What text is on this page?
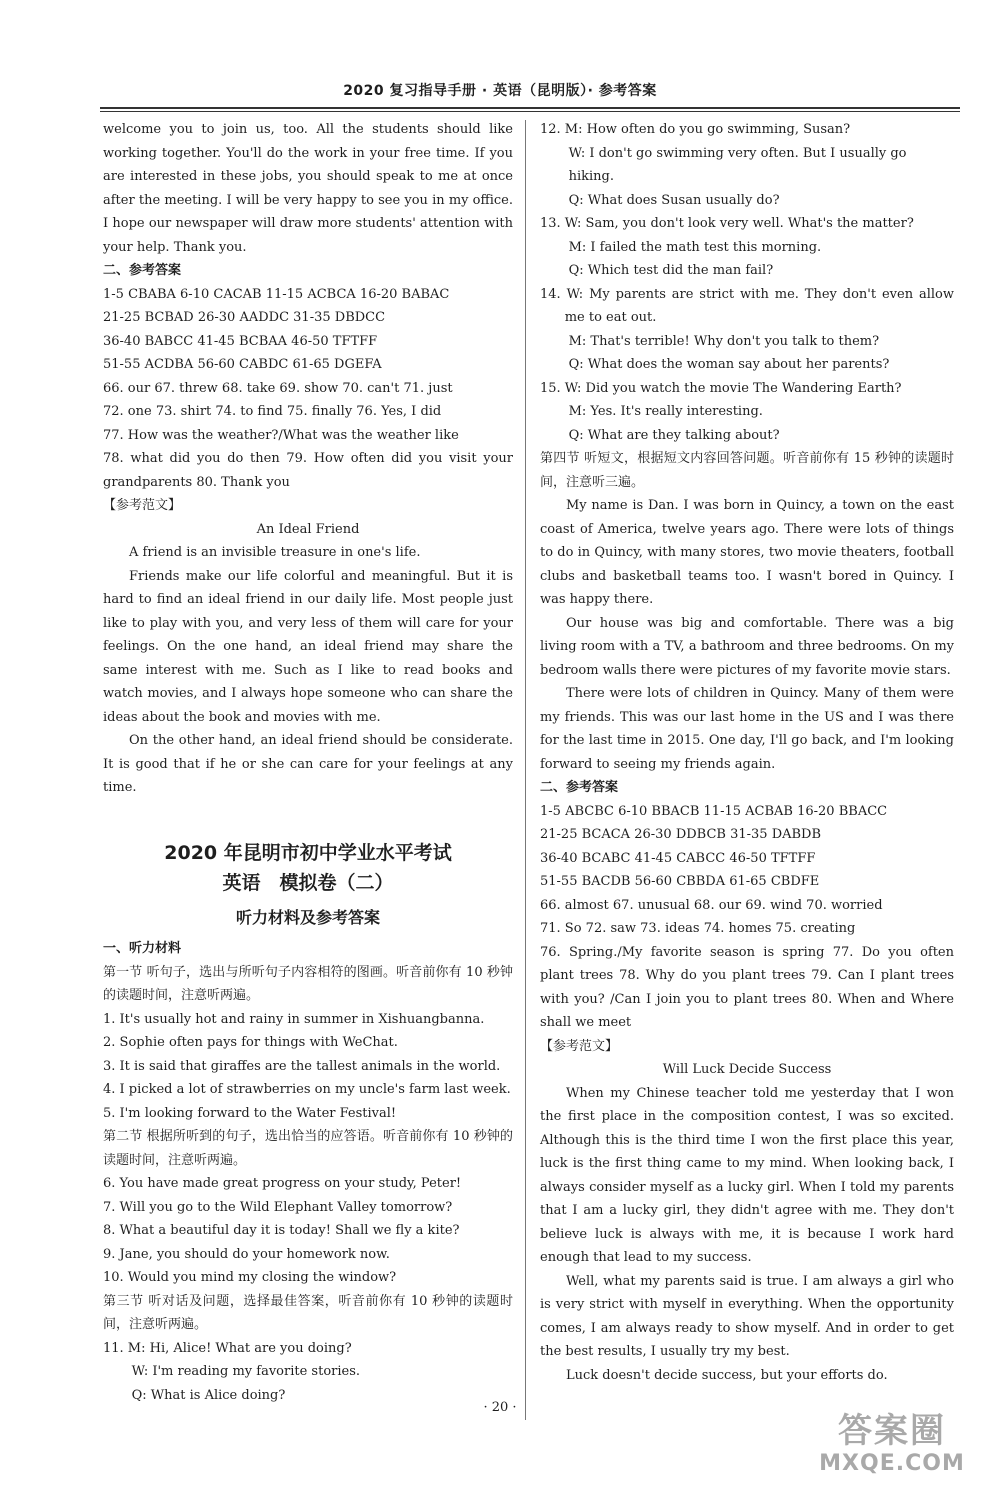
2020 复习指导手册 · 英语（昆明版）· 参考答案
welcome you to join us, too. All the students should like working together. You'll do the work in your free time. If you are interested in these jobs, you should speak to me at once after the meeting. I will be very happy to see you in my office. I hope our newspaper will draw more students' attention with your help. Thank you.
二、参考答案
1-5 CBABA 6-10 CACAB 11-15 ACBCA 16-20 BABAC
21-25 BCBAD 26-30 AADDC 31-35 DBDCC
36-40 BABCC 41-45 BCBAA 46-50 TFTFF
51-55 ACDBA 56-60 CABDC 61-65 DGEFA
66. our 67. threw 68. take 69. show 70. can't 71. just
72. one 73. shirt 74. to find 75. finally 76. Yes, I did
77. How was the weather?/What was the weather like
78. what did you do then 79. How often did you visit your grandparents 80. Thank you
【参考范文】
An Ideal Friend
A friend is an invisible treasure in one's life.
Friends make our life colorful and meaningful. But it is hard to find an ideal friend in our daily life. Most people just like to play with you, and very less of them will care for your feelings. On the one hand, an ideal friend may share the same interest with me. Such as I like to read books and watch movies, and I always hope someone who can share the ideas about the book and movies with me.
On the other hand, an ideal friend should be considerate. It is good that if he or she can care for your feelings at any time.
2020 年昆明市初中学业水平考试
英语　模拟卷（二）
听力材料及参考答案
一、听力材料
第一节 听句子，选出与所听句子内容相符的图画。听音前你有 10 秒钟的读题时间，注意听两遍。
1. It's usually hot and rainy in summer in Xishuangbanna.
2. Sophie often pays for things with WeChat.
3. It is said that giraffes are the tallest animals in the world.
4. I picked a lot of strawberries on my uncle's farm last week.
5. I'm looking forward to the Water Festival!
第二节 根据所听到的句子，选出恰当的应答语。听音前你有 10 秒钟的读题时间，注意听两遍。
6. You have made great progress on your study, Peter!
7. Will you go to the Wild Elephant Valley tomorrow?
8. What a beautiful day it is today! Shall we fly a kite?
9. Jane, you should do your homework now.
10. Would you mind my closing the window?
第三节 听对话及问题，选择最佳答案，听音前你有 10 秒钟的读题时间，注意听两遍。
11. M: Hi, Alice! What are you doing?
W: I'm reading my favorite stories.
Q: What is Alice doing?
12. M: How often do you go swimming, Susan?
W: I don't go swimming very often. But I usually go hiking.
Q: What does Susan usually do?
13. W: Sam, you don't look very well. What's the matter?
M: I failed the math test this morning.
Q: Which test did the man fail?
14. W: My parents are strict with me. They don't even allow me to eat out.
M: That's terrible! Why don't you talk to them?
Q: What does the woman say about her parents?
15. W: Did you watch the movie The Wandering Earth?
M: Yes. It's really interesting.
Q: What are they talking about?
第四节 听短文，根据短文内容回答问题。听音前你有 15 秒钟的读题时间，注意听三遍。
My name is Dan. I was born in Quincy, a town on the east coast of America, twelve years ago. There were lots of things to do in Quincy, with many stores, two movie theaters, football clubs and basketball teams too. I wasn't bored in Quincy. I was happy there.
Our house was big and comfortable. There was a big living room with a TV, a bathroom and three bedrooms. On my bedroom walls there were pictures of my favorite movie stars.
There were lots of children in Quincy. Many of them were my friends. This was our last home in the US and I was there for the last time in 2015. One day, I'll go back, and I'm looking forward to seeing my friends again.
二、参考答案
1-5 ABCBC 6-10 BBACB 11-15 ACBAB 16-20 BBACC
21-25 BCACA 26-30 DDBCB 31-35 DABDB
36-40 BCABC 41-45 CABCC 46-50 TFTFF
51-55 BACDB 56-60 CBBDA 61-65 CBDFE
66. almost 67. unusual 68. our 69. wind 70. worried
71. So 72. saw 73. ideas 74. homes 75. creating
76. Spring./My favorite season is spring 77. Do you often plant trees 78. Why do you plant trees 79. Can I plant trees with you? /Can I join you to plant trees 80. When and Where shall we meet
【参考范文】
Will Luck Decide Success
When my Chinese teacher told me yesterday that I won the first place in the composition contest, I was so excited. Although this is the third time I won the first place this year, luck is the first thing came to my mind. When looking back, I always consider myself as a lucky girl. When I told my parents that I am a lucky girl, they didn't agree with me. They don't believe luck is always with me, it is because I work hard enough that lead to my success.
Well, what my parents said is true. I am always a girl who is very strict with myself in everything. When the opportunity comes, I am always ready to show myself. And in order to get the best results, I usually try my best.
Luck doesn't decide success, but your efforts do.
· 20 ·
答案圈
MXQE.COM
